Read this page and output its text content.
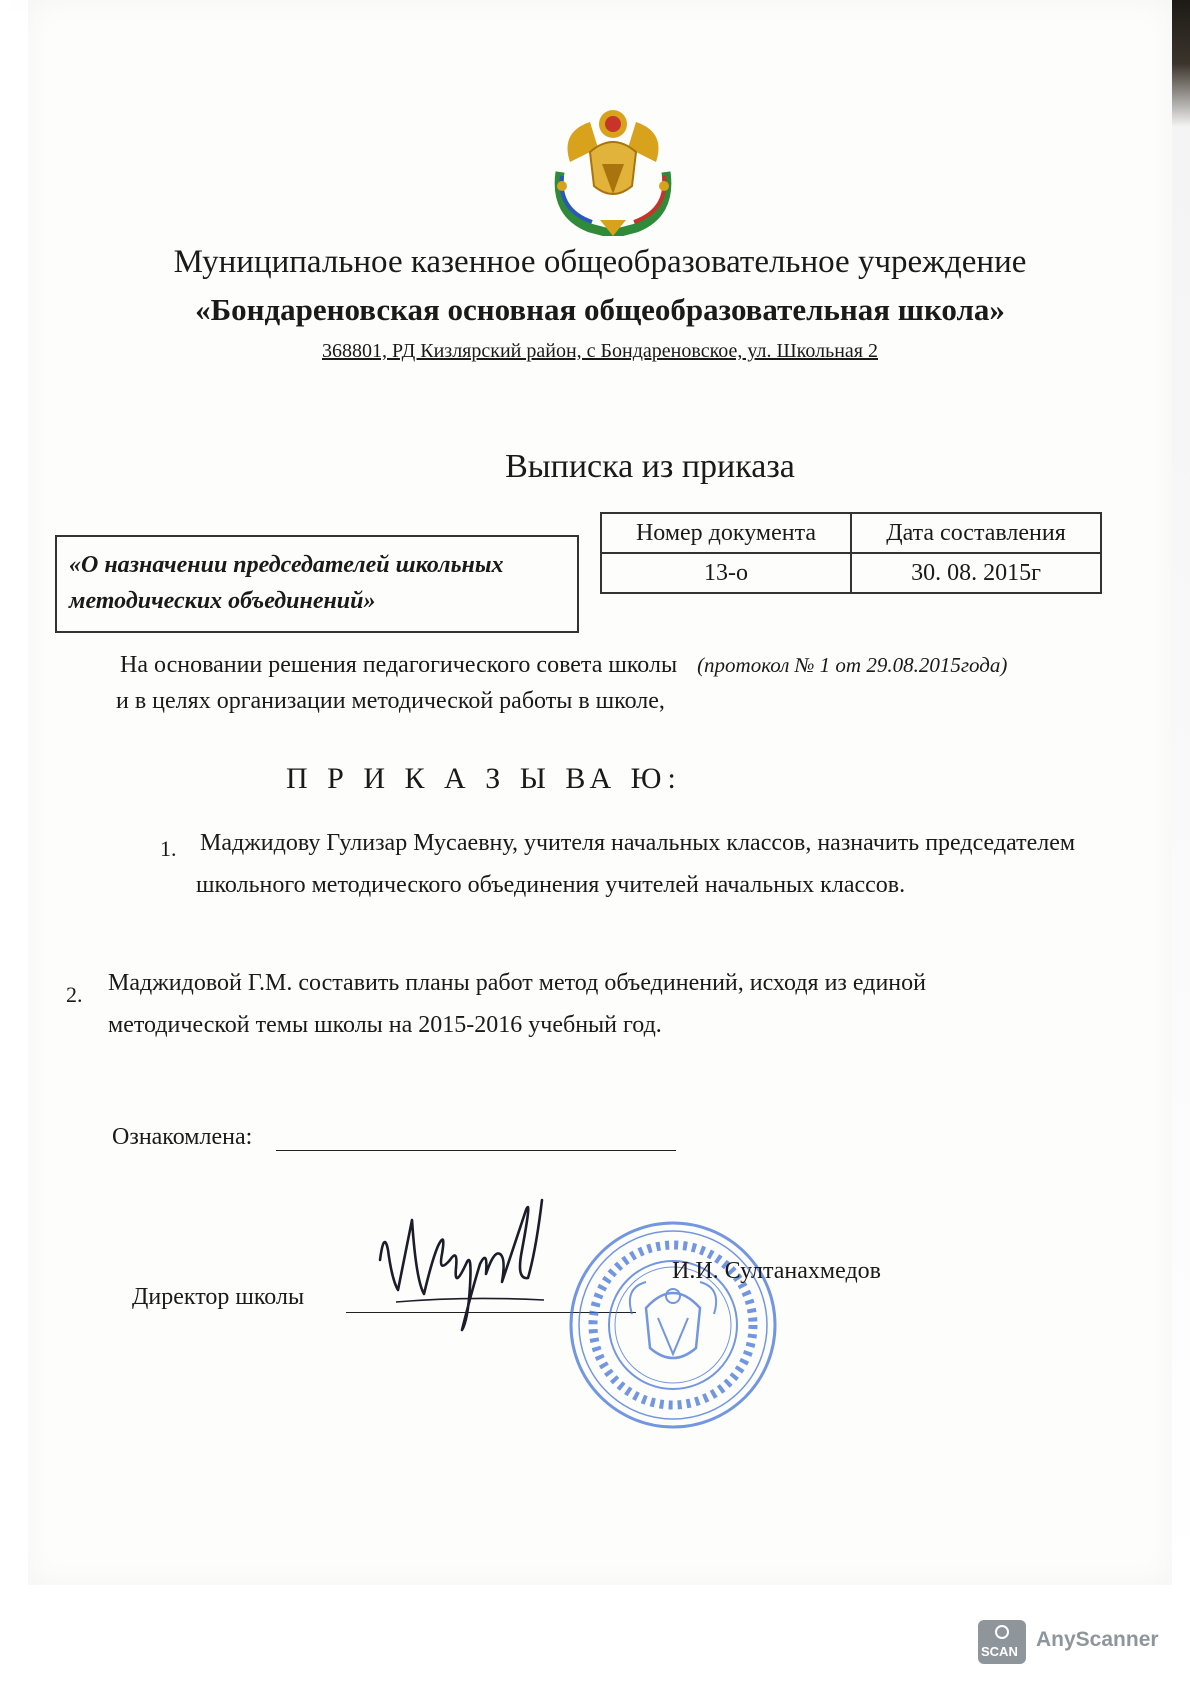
Муниципальное казенное общеобразовательное учреждение
«Бондареновская основная общеобразовательная школа»
368801, РД Кизлярский район, с Бондареновское, ул. Школьная 2
Выписка из приказа
«О назначении председателей школьных методических объединений»
Номер документа	Дата составления
13-о	30. 08. 2015г
На основании решения педагогического совета школы (протокол № 1 от 29.08.2015года)
и в целях организации методической работы в школе,
П Р И К А З Ы ВА Ю:
1. Маджидову Гулизар Мусаевну, учителя начальных классов, назначить председателем школьного методического объединения учителей начальных классов.
2. Маджидовой Г.М. составить планы работ метод объединений, исходя из единой методической темы школы на 2015-2016 учебный год.
Ознакомлена:
Директор школы
И.И. Султанахмедов
SCAN
AnyScanner
